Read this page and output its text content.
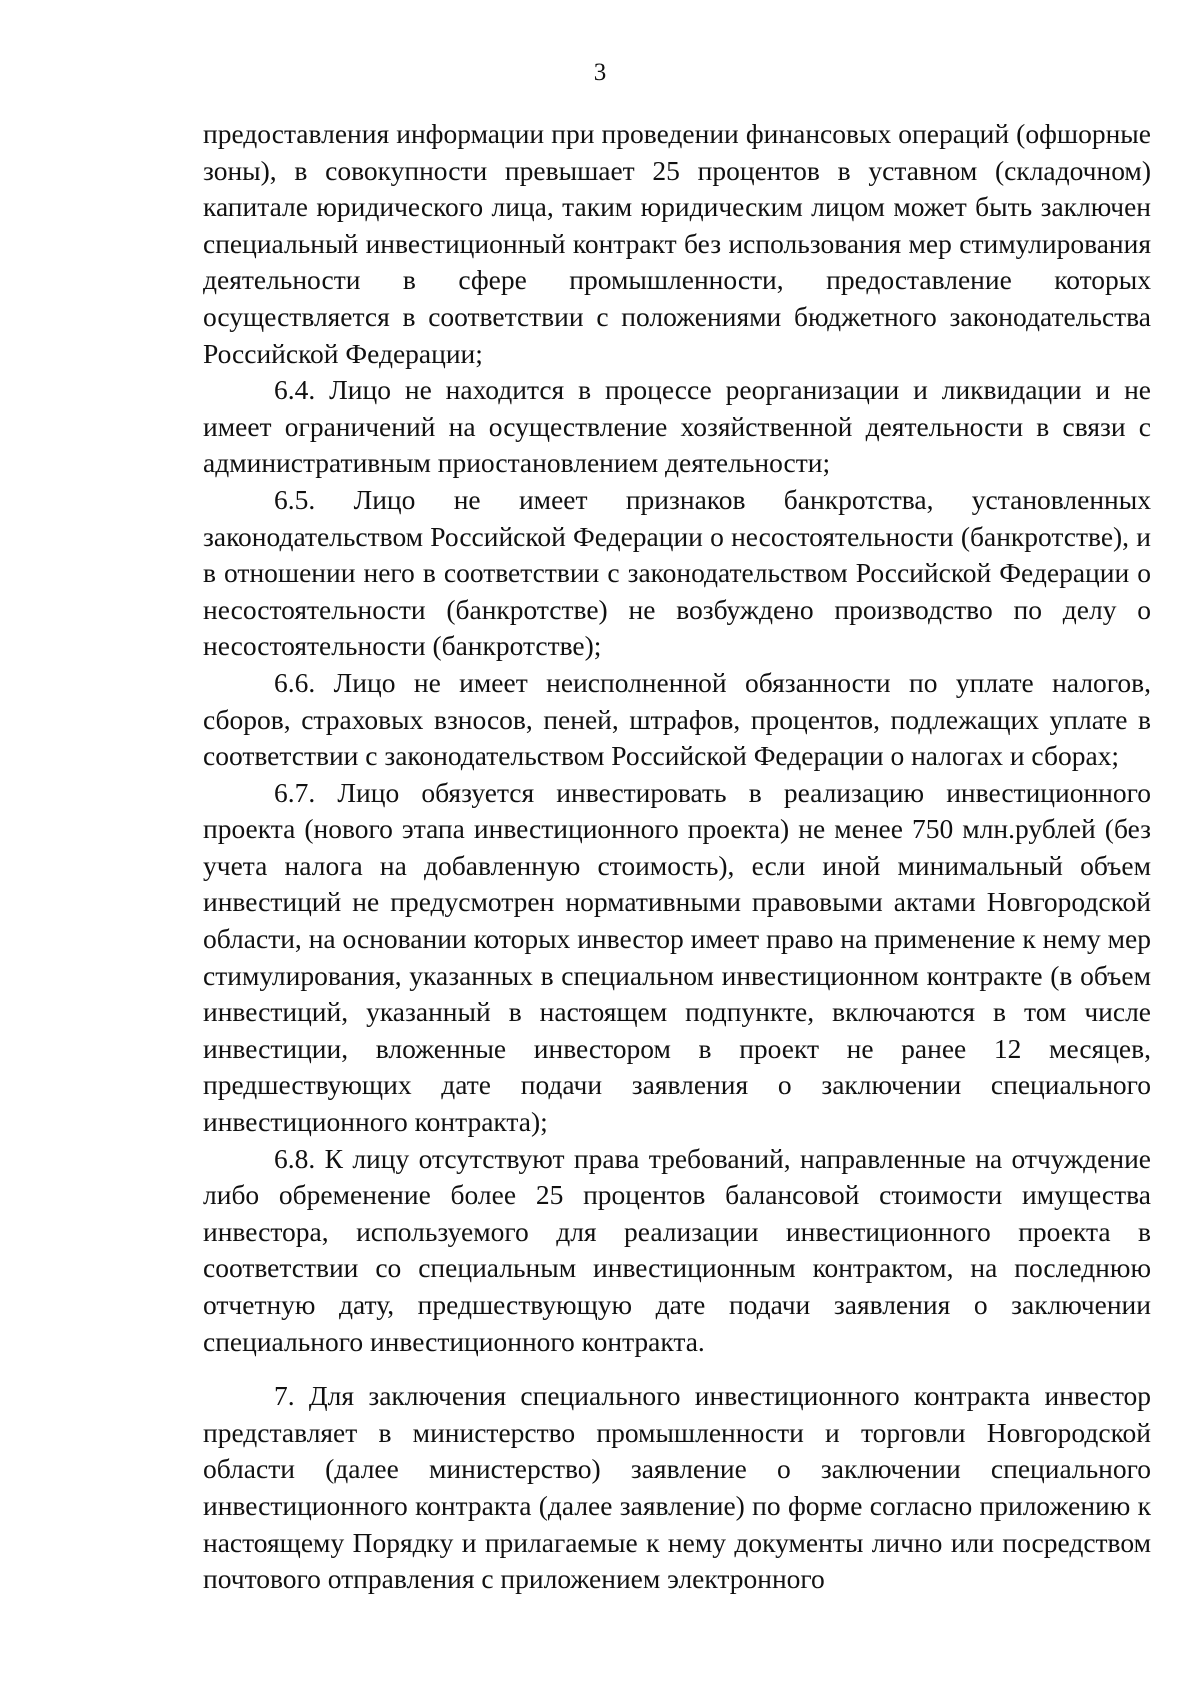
3

предоставления информации при проведении финансовых операций (офшорные зоны), в совокупности превышает 25 процентов в уставном (складочном) капитале юридического лица, таким юридическим лицом может быть заключен специальный инвестиционный контракт без использования мер стимулирования деятельности в сфере промышленности, предоставление которых осуществляется в соответствии с положениями бюджетного законодательства Российской Федерации;

6.4. Лицо не находится в процессе реорганизации и ликвидации и не имеет ограничений на осуществление хозяйственной деятельности в связи с административным приостановлением деятельности;

6.5. Лицо не имеет признаков банкротства, установленных законодательством Российской Федерации о несостоятельности (банкротстве), и в отношении него в соответствии с законодательством Российской Федерации о несостоятельности (банкротстве) не возбуждено производство по делу о несостоятельности (банкротстве);

6.6. Лицо не имеет неисполненной обязанности по уплате налогов, сборов, страховых взносов, пеней, штрафов, процентов, подлежащих уплате в соответствии с законодательством Российской Федерации о налогах и сборах;

6.7. Лицо обязуется инвестировать в реализацию инвестиционного проекта (нового этапа инвестиционного проекта) не менее 750 млн.рублей (без учета налога на добавленную стоимость), если иной минимальный объем инвестиций не предусмотрен нормативными правовыми актами Новгородской области, на основании которых инвестор имеет право на применение к нему мер стимулирования, указанных в специальном инвестиционном контракте (в объем инвестиций, указанный в настоящем подпункте, включаются в том числе инвестиции, вложенные инвестором в проект не ранее 12 месяцев, предшествующих дате подачи заявления о заключении специального инвестиционного контракта);

6.8. К лицу отсутствуют права требований, направленные на отчуждение либо обременение более 25 процентов балансовой стоимости имущества инвестора, используемого для реализации инвестиционного проекта в соответствии со специальным инвестиционным контрактом, на последнюю отчетную дату, предшествующую дате подачи заявления о заключении специального инвестиционного контракта.

7. Для заключения специального инвестиционного контракта инвестор представляет в министерство промышленности и торговли Новгородской области (далее министерство) заявление о заключении специального инвестиционного контракта (далее заявление) по форме согласно приложению к настоящему Порядку и прилагаемые к нему документы лично или посредством почтового отправления с приложением электронного
